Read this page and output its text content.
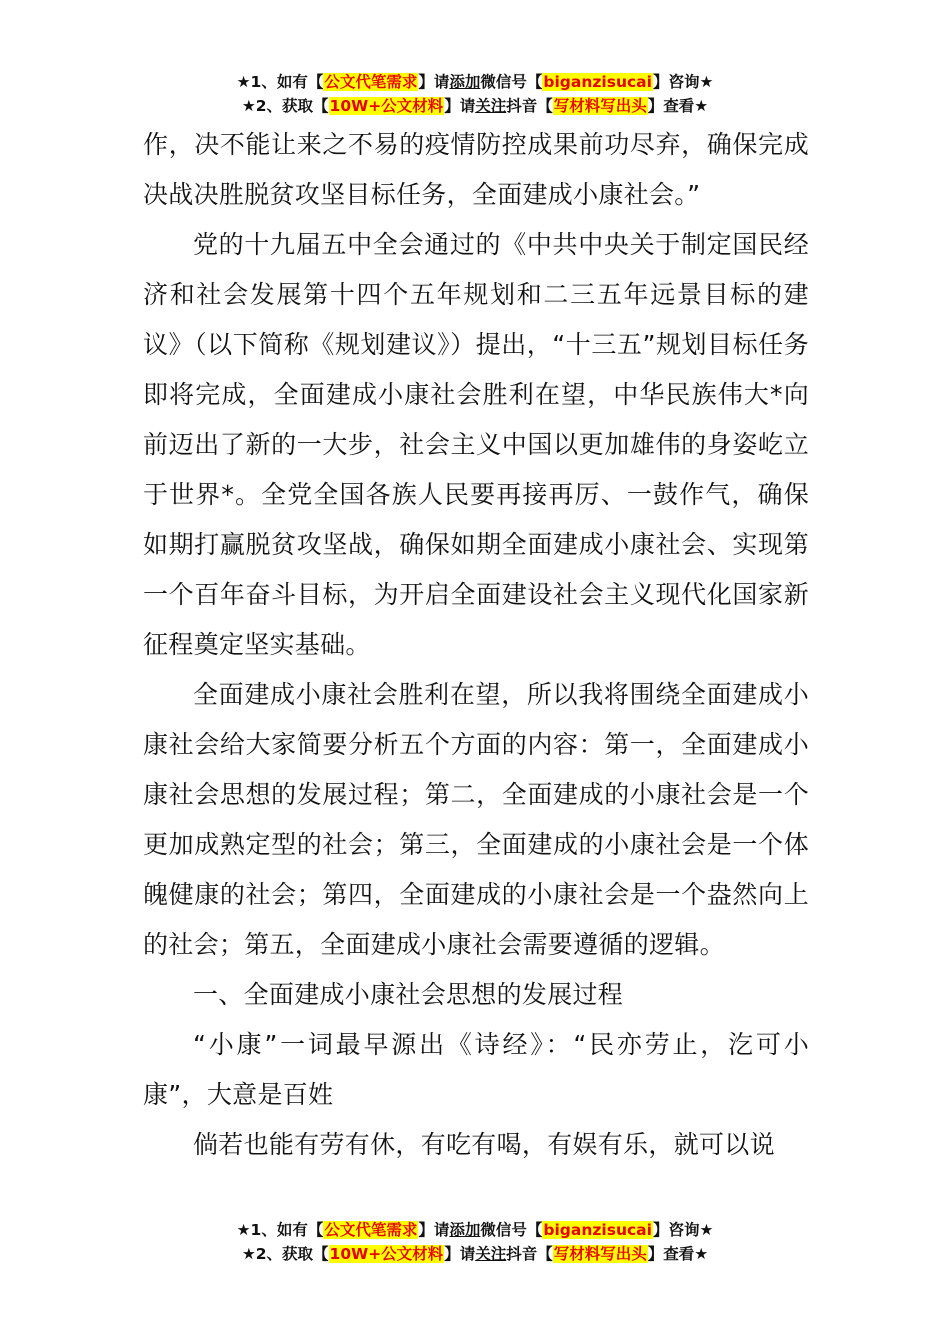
★1、如有【公文代笔需求】请添加微信号【biganzisucai】咨询★
★2、获取【10W+公文材料】请关注抖音【写材料写出头】查看★

作，决不能让来之不易的疫情防控成果前功尽弃，确保完成决战决胜脱贫攻坚目标任务，全面建成小康社会。”

党的十九届五中全会通过的《中共中央关于制定国民经济和社会发展第十四个五年规划和二三五年远景目标的建议》（以下简称《规划建议》）提出，“十三五”规划目标任务即将完成，全面建成小康社会胜利在望，中华民族伟大*向前迈出了新的一大步，社会主义中国以更加雄伟的身姿屹立于世界*。全党全国各族人民要再接再厉、一鼓作气，确保如期打赢脱贫攻坚战，确保如期全面建成小康社会、实现第一个百年奋斗目标，为开启全面建设社会主义现代化国家新征程奠定坚实基础。

全面建成小康社会胜利在望，所以我将围绕全面建成小康社会给大家简要分析五个方面的内容：第一，全面建成小康社会思想的发展过程；第二，全面建成的小康社会是一个更加成熟定型的社会；第三，全面建成的小康社会是一个体魄健康的社会；第四，全面建成的小康社会是一个盎然向上的社会；第五，全面建成小康社会需要遵循的逻辑。

一、全面建成小康社会思想的发展过程

“小康”一词最早源出《诗经》：“民亦劳止，汔可小康”，大意是百姓

倘若也能有劳有休，有吃有喝，有娱有乐，就可以说

★1、如有【公文代笔需求】请添加微信号【biganzisucai】咨询★
★2、获取【10W+公文材料】请关注抖音【写材料写出头】查看★
